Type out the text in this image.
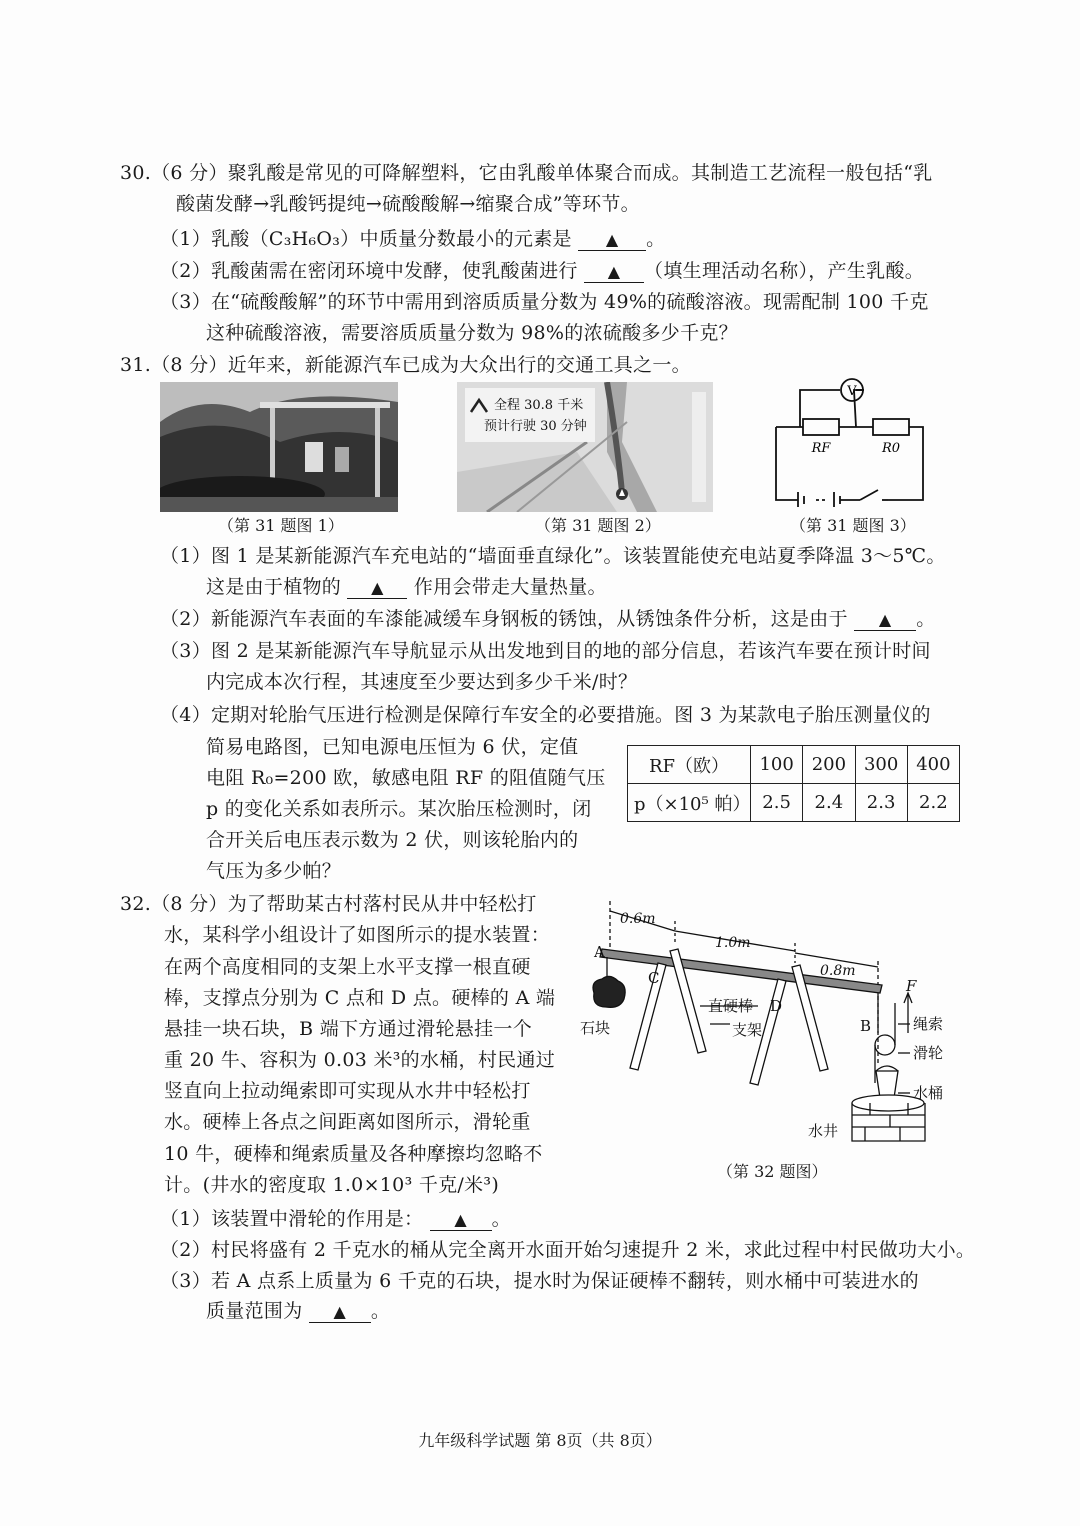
30.（6 分）聚乳酸是常见的可降解塑料，它由乳酸单体聚合而成。其制造工艺流程一般包括“乳
酸菌发酵→乳酸钙提纯→硫酸酸解→缩聚合成”等环节。
（1）乳酸（C₃H₆O₃）中质量分数最小的元素是 ▲ 。
（2）乳酸菌需在密闭环境中发酵，使乳酸菌进行 ▲ （填生理活动名称），产生乳酸。
（3）在“硫酸酸解”的环节中需用到溶质质量分数为 49%的硫酸溶液。现需配制 100 千克
这种硫酸溶液，需要溶质质量分数为 98%的浓硫酸多少千克？
31.（8 分）近年来，新能源汽车已成为大众出行的交通工具之一。
（第 31 题图 1）
全程 30.8 千米
预计行驶 30 分钟
（第 31 题图 2）
V
RF	R0
（第 31 题图 3）
（1）图 1 是某新能源汽车充电站的“墙面垂直绿化”。该装置能使充电站夏季降温 3～5℃。
这是由于植物的 ▲ 作用会带走大量热量。
（2）新能源汽车表面的车漆能减缓车身钢板的锈蚀，从锈蚀条件分析，这是由于 ▲ 。
（3）图 2 是某新能源汽车导航显示从出发地到目的地的部分信息，若该汽车要在预计时间
内完成本次行程，其速度至少要达到多少千米/时？
（4）定期对轮胎气压进行检测是保障行车安全的必要措施。图 3 为某款电子胎压测量仪的
简易电路图，已知电源电压恒为 6 伏，定值
电阻 R₀=200 欧，敏感电阻 RF 的阻值随气压
p 的变化关系如表所示。某次胎压检测时，闭
合开关后电压表示数为 2 伏，则该轮胎内的
气压为多少帕？
RF（欧）	100	200	300	400
p（×10⁵ 帕）	2.5	2.4	2.3	2.2
32.（8 分）为了帮助某古村落村民从井中轻松打
水，某科学小组设计了如图所示的提水装置：
在两个高度相同的支架上水平支撑一根直硬
棒，支撑点分别为 C 点和 D 点。硬棒的 A 端
悬挂一块石块，B 端下方通过滑轮悬挂一个
重 20 牛、容积为 0.03 米³的水桶，村民通过
竖直向上拉动绳索即可实现从水井中轻松打
水。硬棒上各点之间距离如图所示，滑轮重
10 牛，硬棒和绳索质量及各种摩擦均忽略不
计。(井水的密度取 1.0×10³ 千克/米³)
0.6m
1.0m
0.8m
A
C
D
B
F
石块
直硬棒
支架	绳索
滑轮
水桶
水井
（第 32 题图）
（1）该装置中滑轮的作用是： ▲ 。
（2）村民将盛有 2 千克水的桶从完全离开水面开始匀速提升 2 米，求此过程中村民做功大小。
（3）若 A 点系上质量为 6 千克的石块，提水时为保证硬棒不翻转，则水桶中可装进水的
质量范围为 ▲ 。
九年级科学试题 第 8页（共 8页）
